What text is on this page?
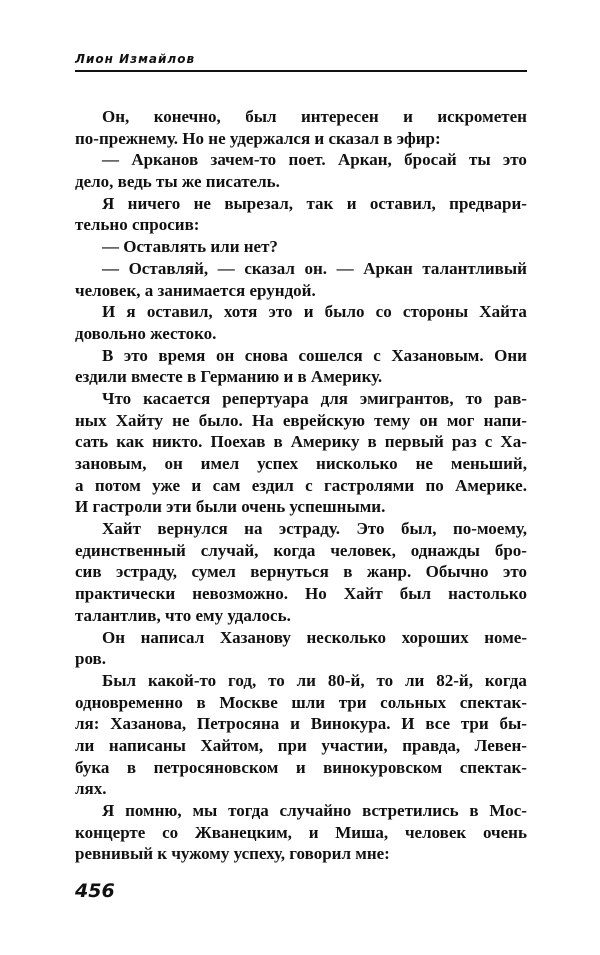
Лион Измайлов
Он, конечно, был интересен и искрометен
по-прежнему. Но не удержался и сказал в эфир:
— Арканов зачем-то поет. Аркан, бросай ты это
дело, ведь ты же писатель.
Я ничего не вырезал, так и оставил, предвари-
тельно спросив:
— Оставлять или нет?
— Оставляй, — сказал он. — Аркан талантливый
человек, а занимается ерундой.
И я оставил, хотя это и было со стороны Хайта
довольно жестоко.
В это время он снова сошелся с Хазановым. Они
ездили вместе в Германию и в Америку.
Что касается репертуара для эмигрантов, то рав-
ных Хайту не было. На еврейскую тему он мог напи-
сать как никто. Поехав в Америку в первый раз с Ха-
зановым, он имел успех нисколько не меньший,
а потом уже и сам ездил с гастролями по Америке.
И гастроли эти были очень успешными.
Хайт вернулся на эстраду. Это был, по-моему,
единственный случай, когда человек, однажды бро-
сив эстраду, сумел вернуться в жанр. Обычно это
практически невозможно. Но Хайт был настолько
талантлив, что ему удалось.
Он написал Хазанову несколько хороших номе-
ров.
Был какой-то год, то ли 80-й, то ли 82-й, когда
одновременно в Москве шли три сольных спектак-
ля: Хазанова, Петросяна и Винокура. И все три бы-
ли написаны Хайтом, при участии, правда, Левен-
бука в петросяновском и винокуровском спектак-
лях.
Я помню, мы тогда случайно встретились в Мос-
концерте со Жванецким, и Миша, человек очень
ревнивый к чужому успеху, говорил мне:
456
